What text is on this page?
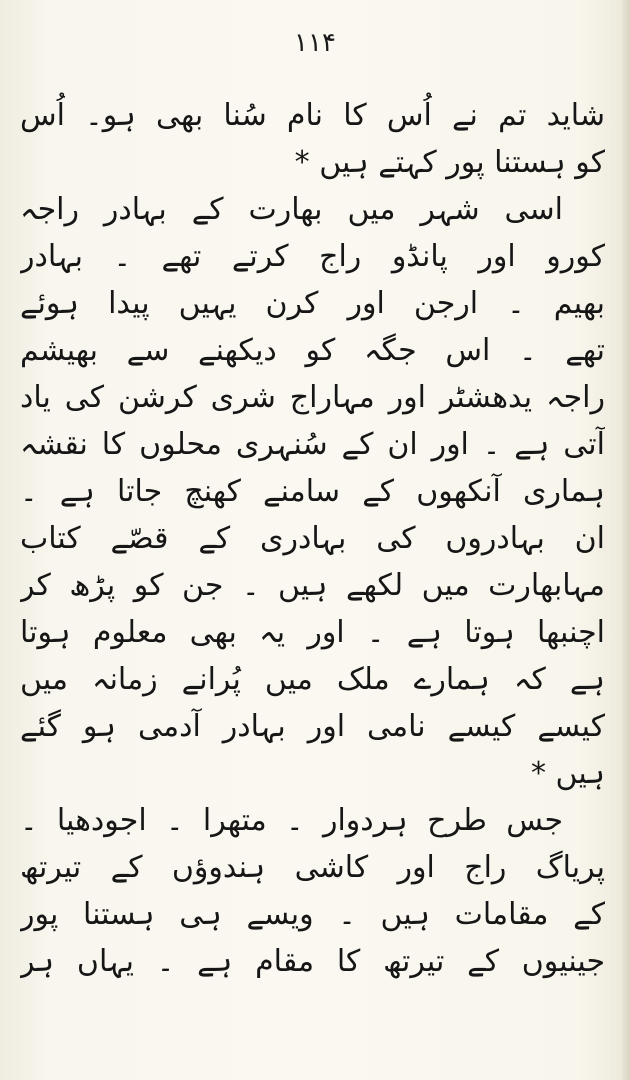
۱۱۴
شاید تم نے اُس کا نام سُنا بھی ہو۔ اُس
کو ہستنا پور کہتے ہیں *
اسی شہر میں بھارت کے بہادر راجہ
کورو اور پانڈو راج کرتے تھے ۔ بہادر
بھیم ۔ ارجن اور کرن یہیں پیدا ہوئے
تھے ۔ اس جگہ کو دیکھنے سے بھیشم
راجہ یدھشٹر اور مہاراج شری کرشن کی یاد
آتی ہے ۔ اور ان کے سُنہری محلوں کا نقشہ
ہماری آنکھوں کے سامنے کھنچ جاتا ہے ۔
ان بہادروں کی بہادری کے قصّے کتاب
مہابھارت میں لکھے ہیں ۔ جن کو پڑھ کر
اچنبھا ہوتا ہے ۔ اور یہ بھی معلوم ہوتا
ہے کہ ہمارے ملک میں پُرانے زمانہ میں
کیسے کیسے نامی اور بہادر آدمی ہو گئے
ہیں *
جس طرح ہردوار ۔ متھرا ۔ اجودھیا ۔
پریاگ راج اور کاشی ہندوؤں کے تیرتھ
کے مقامات ہیں ۔ ویسے ہی ہستنا پور
جینیوں کے تیرتھ کا مقام ہے ۔ یہاں ہر
